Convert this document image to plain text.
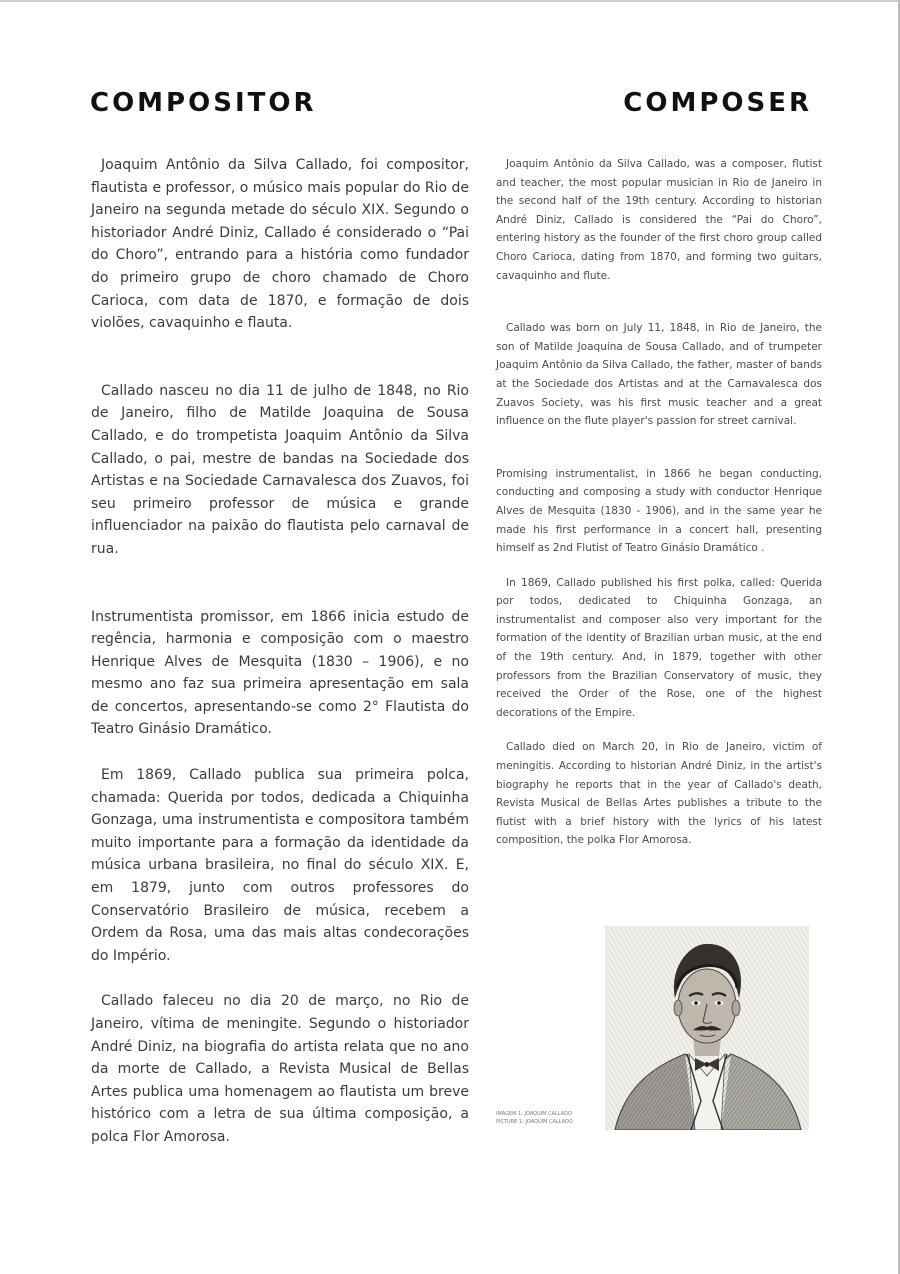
COMPOSITOR	COMPOSER

Joaquim Antônio da Silva Callado, foi compositor, flautista e professor, o músico mais popular do Rio de Janeiro na segunda metade do século XIX. Segundo o historiador André Diniz, Callado é considerado o “Pai do Choro”, entrando para a história como fundador do primeiro grupo de choro chamado de Choro Carioca, com data de 1870, e formação de dois violões, cavaquinho e flauta.

Callado nasceu no dia 11 de julho de 1848, no Rio de Janeiro, filho de Matilde Joaquina de Sousa Callado, e do trompetista Joaquim Antônio da Silva Callado, o pai, mestre de bandas na Sociedade dos Artistas e na Sociedade Carnavalesca dos Zuavos, foi seu primeiro professor de música e grande influenciador na paixão do flautista pelo carnaval de rua.

Instrumentista promissor, em 1866 inicia estudo de regência, harmonia e composição com o maestro Henrique Alves de Mesquita (1830 – 1906), e no mesmo ano faz sua primeira apresentação em sala de concertos, apresentando-se como 2° Flautista do Teatro Ginásio Dramático.

Em 1869, Callado publica sua primeira polca, chamada: Querida por todos, dedicada a Chiquinha Gonzaga, uma instrumentista e compositora também muito importante para a formação da identidade da música urbana brasileira, no final do século XIX. E, em 1879, junto com outros professores do Conservatório Brasileiro de música, recebem a Ordem da Rosa, uma das mais altas condecorações do Império.

Callado faleceu no dia 20 de março, no Rio de Janeiro, vítima de meningite. Segundo o historiador André Diniz, na biografia do artista relata que no ano da morte de Callado, a Revista Musical de Bellas Artes publica uma homenagem ao flautista um breve histórico com a letra de sua última composição, a polca Flor Amorosa.

Joaquim Antônio da Silva Callado, was a composer, flutist and teacher, the most popular musician in Rio de Janeiro in the second half of the 19th century. According to historian André Diniz, Callado is considered the “Pai do Choro”, entering history as the founder of the first choro group called Choro Carioca, dating from 1870, and forming two guitars, cavaquinho and flute.

Callado was born on July 11, 1848, in Rio de Janeiro, the son of Matilde Joaquina de Sousa Callado, and of trumpeter Joaquim Antônio da Silva Callado, the father, master of bands at the Sociedade dos Artistas and at the Carnavalesca dos Zuavos Society, was his first music teacher and a great influence on the flute player's passion for street carnival.

Promising instrumentalist, in 1866 he began conducting, conducting and composing a study with conductor Henrique Alves de Mesquita (1830 - 1906), and in the same year he made his first performance in a concert hall, presenting himself as 2nd Flutist of Teatro Ginásio Dramático .

In 1869, Callado published his first polka, called: Querida por todos, dedicated to Chiquinha Gonzaga, an instrumentalist and composer also very important for the formation of the identity of Brazilian urban music, at the end of the 19th century. And, in 1879, together with other professors from the Brazilian Conservatory of music, they received the Order of the Rose, one of the highest decorations of the Empire.

Callado died on March 20, in Rio de Janeiro, victim of meningitis. According to historian André Diniz, in the artist's biography he reports that in the year of Callado's death, Revista Musical de Bellas Artes publishes a tribute to the flutist with a brief history with the lyrics of his latest composition, the polka Flor Amorosa.

IMAGEM 1: JOAQUIM CALLADO
PICTURE 1: JOAQUIM CALLADO
